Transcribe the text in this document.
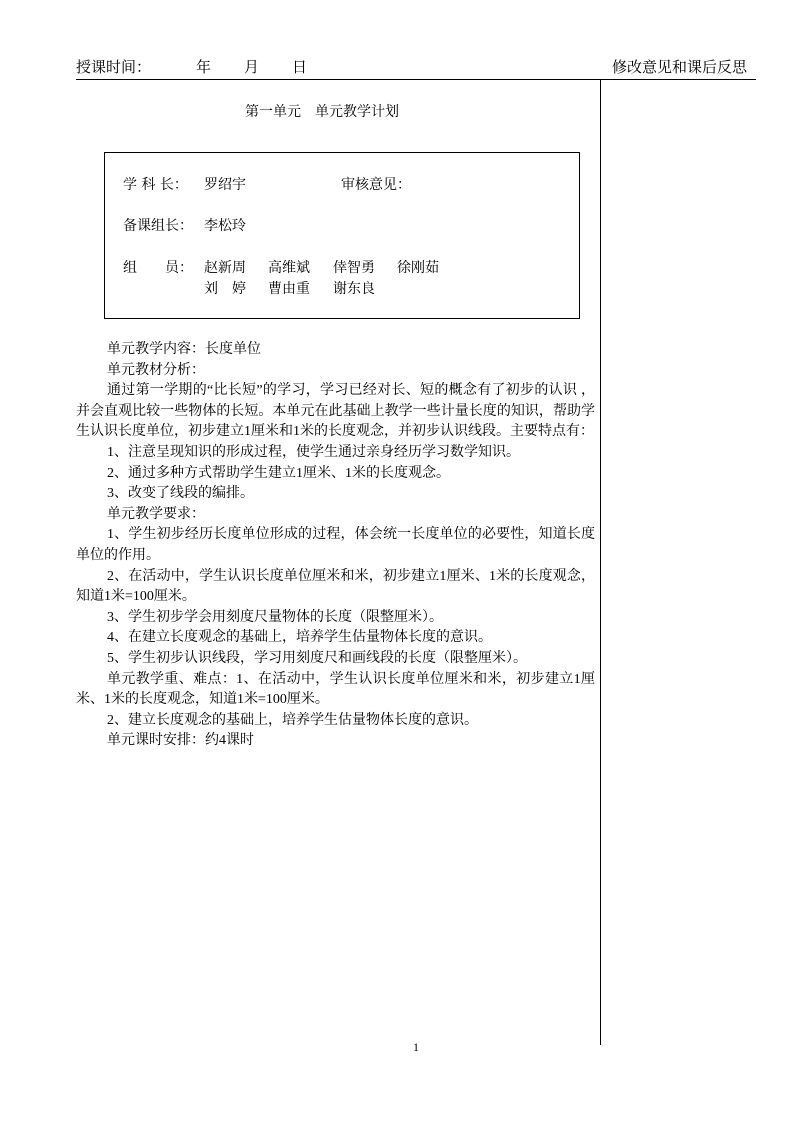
授课时间：	年 月 日	修改意见和课后反思
第一单元　单元教学计划
学 科 长： 罗绍宇	审核意见：
备课组长： 李松玲
组　　员： 赵新周 高维斌 倖智勇 徐刚茹
刘　婷 曹由重 谢东良

单元教学内容：长度单位

单元教材分析：

通过第一学期的“比长短”的学习，学习已经对长、短的概念有了初步的认识 ，并会直观比较一些物体的长短。本单元在此基础上教学一些计量长度的知识，帮助学生认识长度单位，初步建立1厘米和1米的长度观念，并初步认识线段。主要特点有：

1、注意呈现知识的形成过程，使学生通过亲身经历学习数学知识。

2、通过多种方式帮助学生建立1厘米、1米的长度观念。

3、改变了线段的编排。

单元教学要求：

1、学生初步经历长度单位形成的过程，体会统一长度单位的必要性，知道长度单位的作用。

2、在活动中，学生认识长度单位厘米和米，初步建立1厘米、1米的长度观念，知道1米=100厘米。

3、学生初步学会用刻度尺量物体的长度（限整厘米）。

4、在建立长度观念的基础上，培养学生估量物体长度的意识。

5、学生初步认识线段，学习用刻度尺和画线段的长度（限整厘米）。

单元教学重、难点：1、在活动中，学生认识长度单位厘米和米，初步建立1厘米、1米的长度观念，知道1米=100厘米。

2、建立长度观念的基础上，培养学生估量物体长度的意识。

单元课时安排：约4课时

1
